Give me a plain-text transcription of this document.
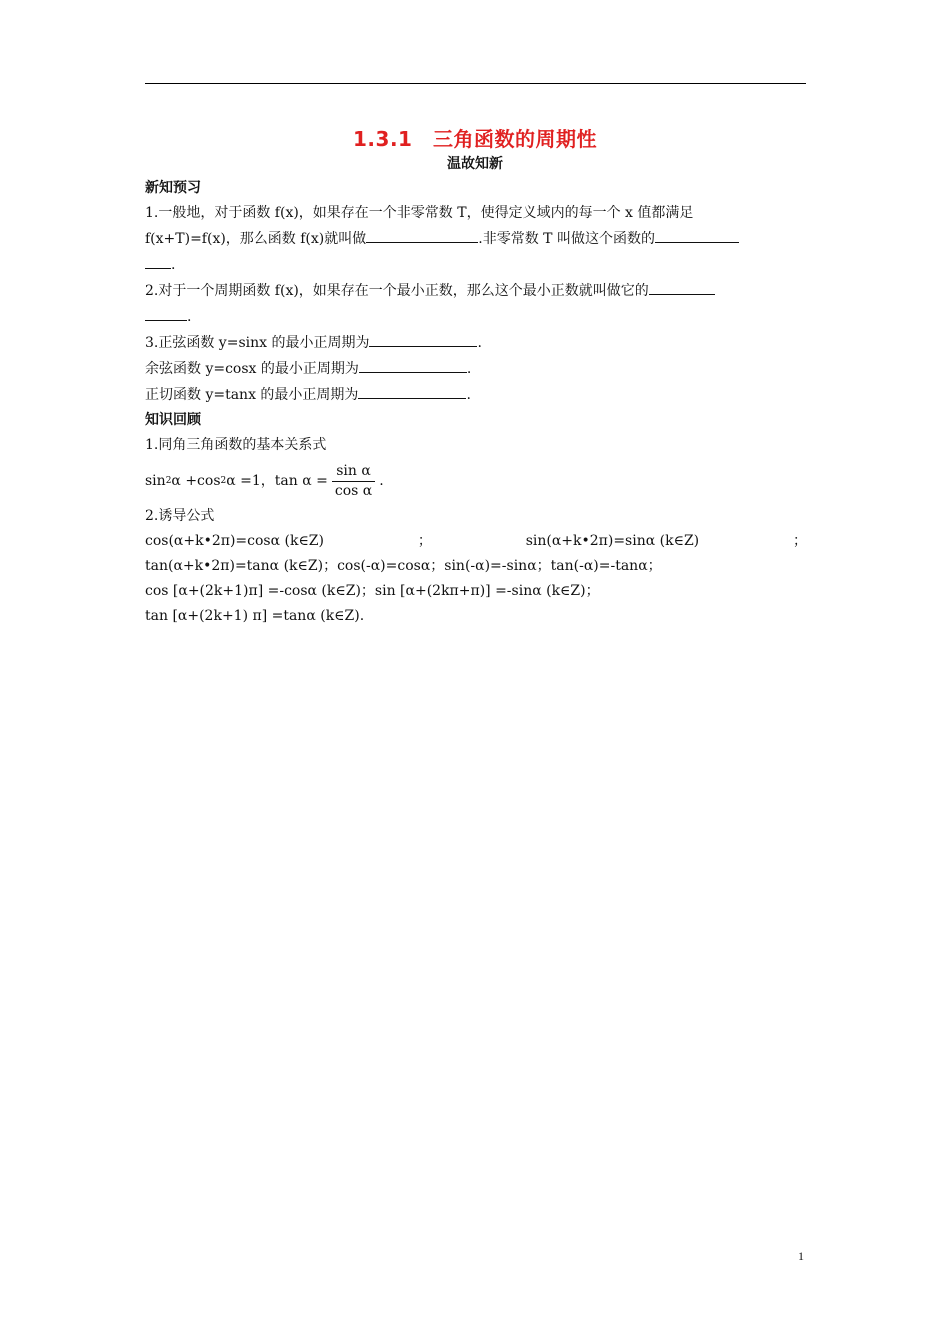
1.3.1　三角函数的周期性
温故知新
新知预习
1.一般地，对于函数 f(x)，如果存在一个非零常数 T，使得定义域内的每一个 x 值都满足
f(x+T)=f(x)，那么函数 f(x)就叫做	.非零常数 T 叫做这个函数的
.
2.对于一个周期函数 f(x)，如果存在一个最小正数，那么这个最小正数就叫做它的
.
3.正弦函数 y=sinx 的最小正周期为	.
余弦函数 y=cosx 的最小正周期为	.
正切函数 y=tanx 的最小正周期为	.
知识回顾
1.同角三角函数的基本关系式
sin 2 α +cos 2 α =1，$\tan \alpha = \frac{\text{sin α}}{\text{cos α}}$ .
2.诱导公式
cos(α+k•2π)=cosα (k∈Z)	；	sin(α+k•2π)=sinα (k∈Z)	；
tan(α+k•2π)=tanα (k∈Z)；cos(-α)=cosα；sin(-α)=-sinα；tan(-α)=-tanα；
cos [α+(2k+1)π] =-cosα (k∈Z)；sin [α+(2kπ+π)] =-sinα (k∈Z)；
tan [α+(2k+1) π] =tanα (k∈Z).
1
